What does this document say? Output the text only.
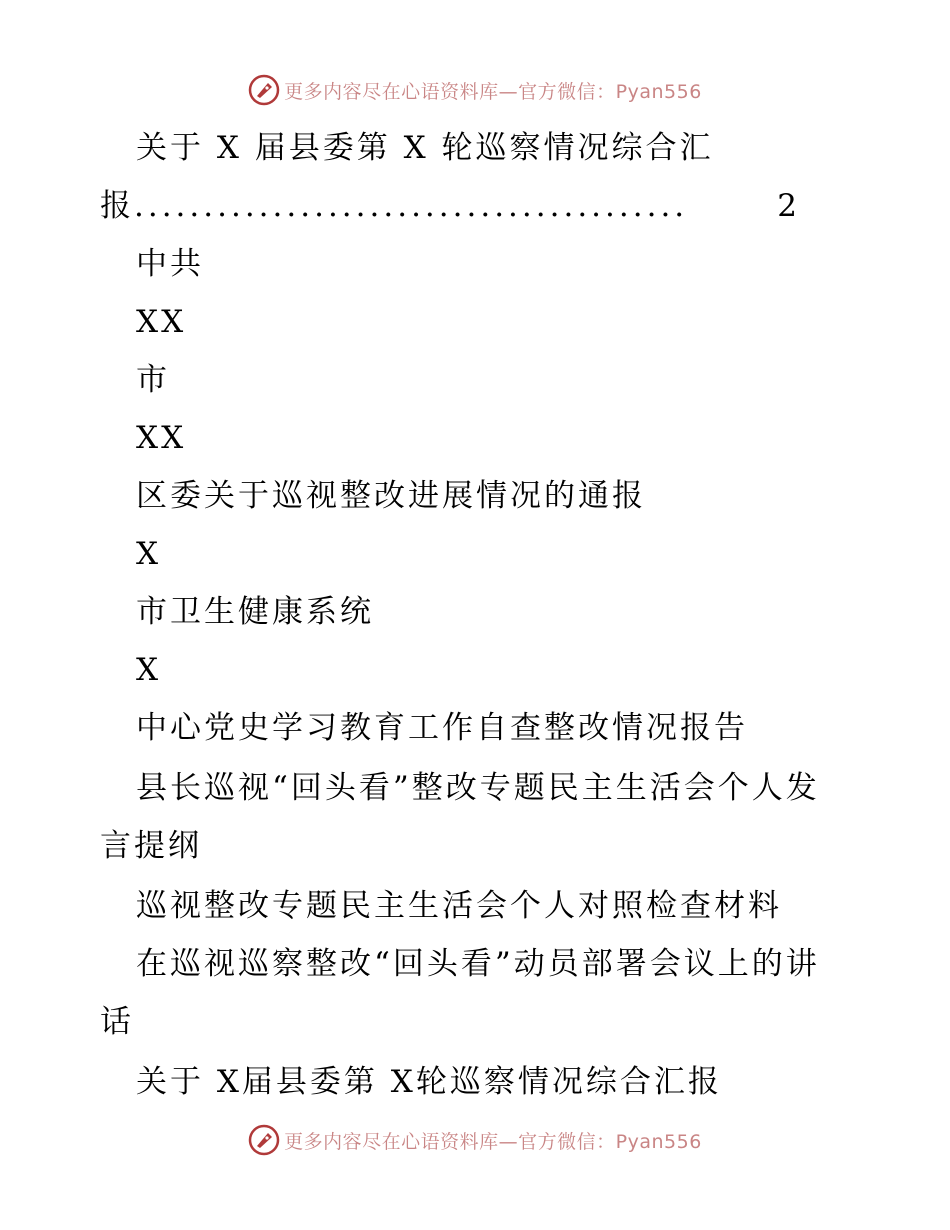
更多内容尽在心语资料库—官方微信：Pyan556
关于 X 届县委第 X 轮巡察情况综合汇
报 ........................................	2
中共
XX
市
XX
区委关于巡视整改进展情况的通报
X
市卫生健康系统
X
中心党史学习教育工作自查整改情况报告
县长巡视“回头看”整改专题民主生活会个人发
言提纲
巡视整改专题民主生活会个人对照检查材料
在巡视巡察整改“回头看”动员部署会议上的讲
话
关于 X届县委第 X轮巡察情况综合汇报
更多内容尽在心语资料库—官方微信：Pyan556
